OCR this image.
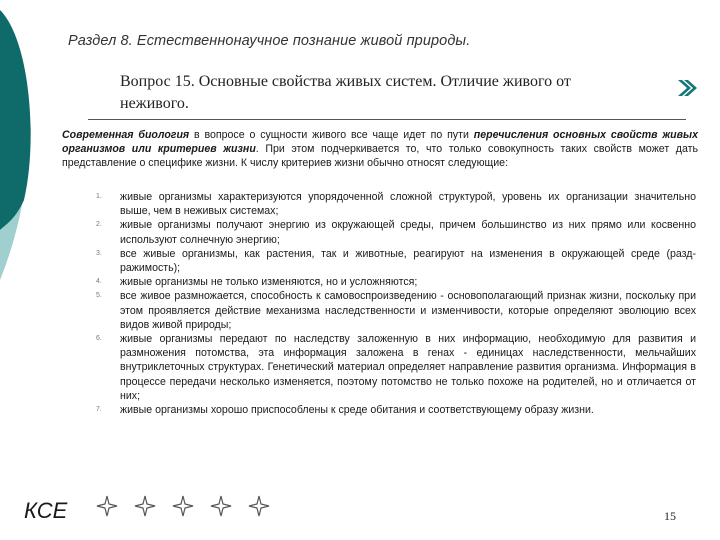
Раздел 8. Естественнонаучное познание живой природы.
Вопрос 15. Основные свойства живых систем. Отличие живого от неживого.
Современная биология в вопросе о сущности живого все чаще идет по пути перечисления основных свойств живых организмов или критериев жизни. При этом подчеркивается то, что только совокупность таких свойств может дать представление о специфике жизни. К числу критериев жизни обычно относят следующие:
1. живые организмы характеризуются упорядоченной сложной структурой, уровень их организации значительно выше, чем в неживых системах;
2. живые организмы получают энергию из окружающей среды, причем большинство из них прямо или косвенно используют солнечную энергию;
3. все живые организмы, как растения, так и животные, реагируют на изменения в окружающей среде (разд-ражимость);
4. живые организмы не только изменяются, но и усложняются;
5. все живое размножается, способность к самовоспроизведению - основополагающий признак жизни, поскольку при этом проявляется действие механизма наследственности и изменчивости, которые определяют эволюцию всех видов живой природы;
6. живые организмы передают по наследству заложенную в них информацию, необходимую для развития и размножения потомства, эта информация заложена в генах - единицах наследственности, мельчайших внутриклеточных структурах. Генетический материал определяет направление развития организма. Информация в процессе передачи несколько изменяется, поэтому потомство не только похоже на родителей, но и отличается от них;
7. живые организмы хорошо приспособлены к среде обитания и соответствующему образу жизни.
КСЕ	15
